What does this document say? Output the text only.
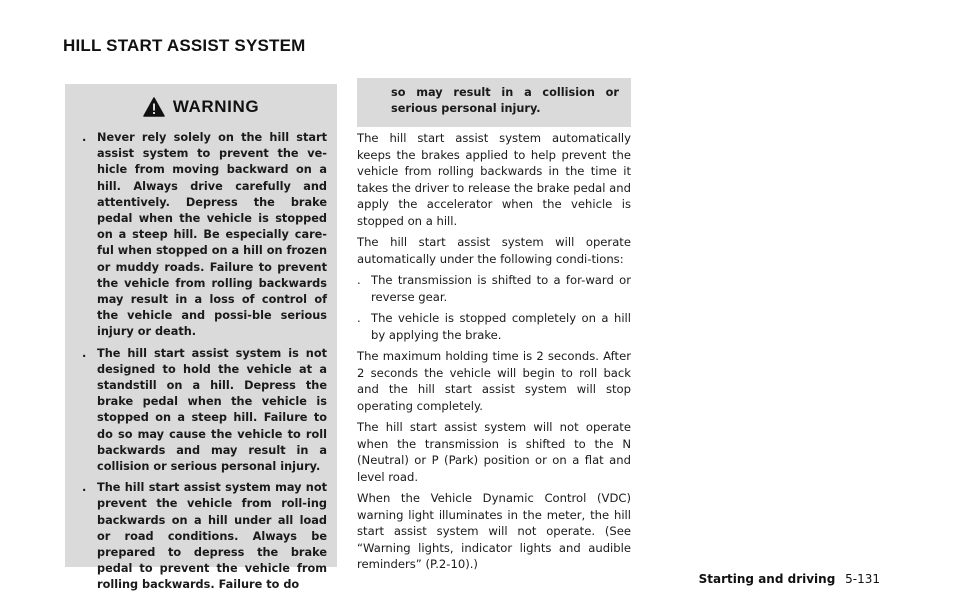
HILL START ASSIST SYSTEM
WARNING
. Never rely solely on the hill start assist system to prevent the ve-hicle from moving backward on a hill. Always drive carefully and attentively. Depress the brake pedal when the vehicle is stopped on a steep hill. Be especially care-ful when stopped on a hill on frozen or muddy roads. Failure to prevent the vehicle from rolling backwards may result in a loss of control of the vehicle and possi-ble serious injury or death.
. The hill start assist system is not designed to hold the vehicle at a standstill on a hill. Depress the brake pedal when the vehicle is stopped on a steep hill. Failure to do so may cause the vehicle to roll backwards and may result in a collision or serious personal injury.
. The hill start assist system may not prevent the vehicle from roll-ing backwards on a hill under all load or road conditions. Always be prepared to depress the brake pedal to prevent the vehicle from rolling backwards. Failure to do
so may result in a collision or serious personal injury.

The hill start assist system automatically keeps the brakes applied to help prevent the vehicle from rolling backwards in the time it takes the driver to release the brake pedal and apply the accelerator when the vehicle is stopped on a hill.

The hill start assist system will operate automatically under the following condi-tions:

. The transmission is shifted to a for-ward or reverse gear.
. The vehicle is stopped completely on a hill by applying the brake.

The maximum holding time is 2 seconds. After 2 seconds the vehicle will begin to roll back and the hill start assist system will stop operating completely.

The hill start assist system will not operate when the transmission is shifted to the N (Neutral) or P (Park) position or on a flat and level road.

When the Vehicle Dynamic Control (VDC) warning light illuminates in the meter, the hill start assist system will not operate. (See “Warning lights, indicator lights and audible reminders” (P.2-10).)

Starting and driving 5-131
